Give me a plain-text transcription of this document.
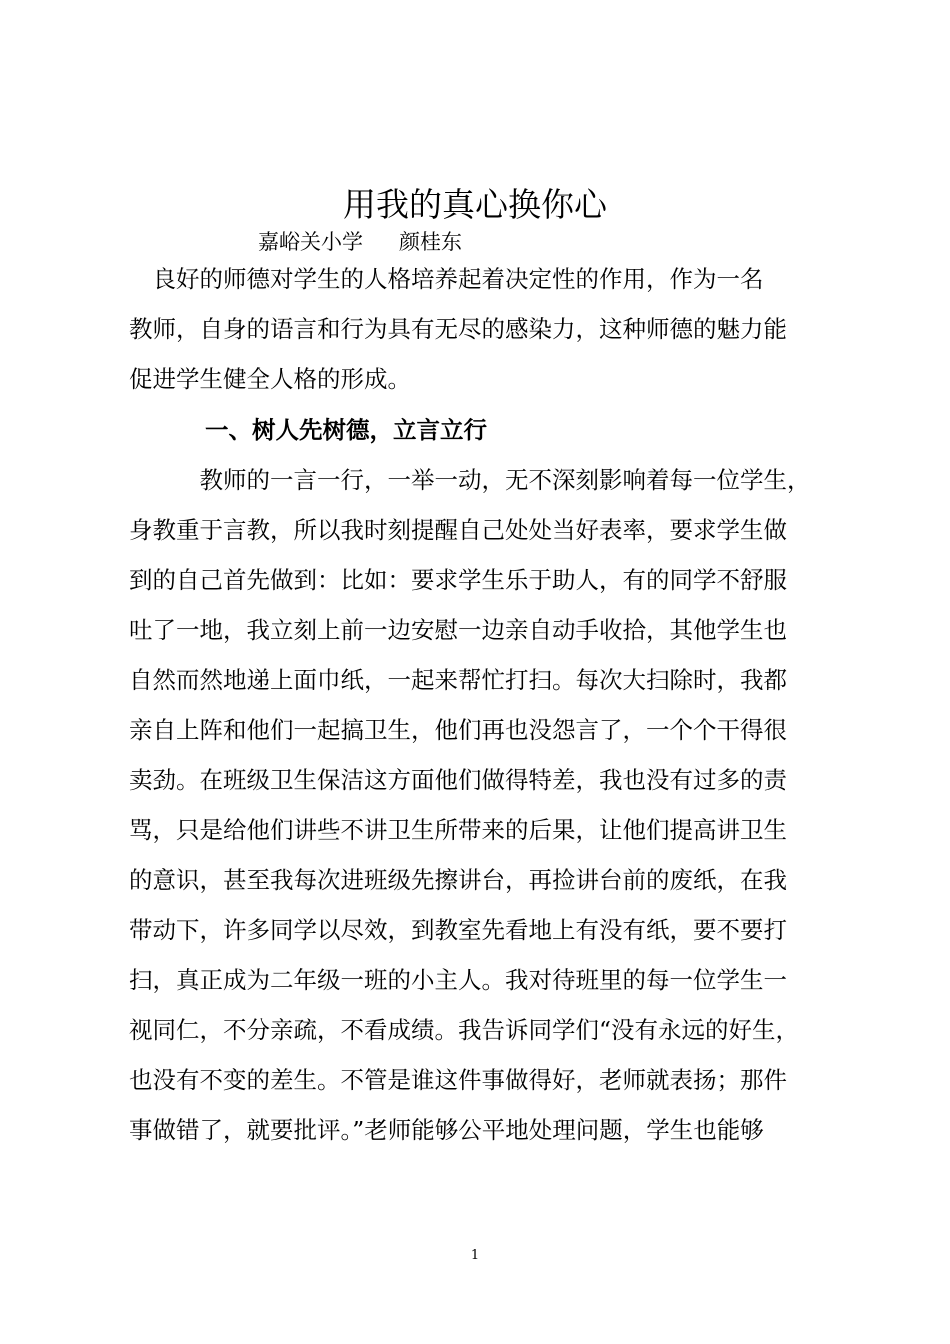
用我的真心换你心
嘉峪关小学 颜桂东
　良好的师德对学生的人格培养起着决定性的作用，作为一名
教师，自身的语言和行为具有无尽的感染力，这种师德的魅力能
促进学生健全人格的形成。
一、树人先树德，立言立行
　　　教师的一言一行，一举一动，无不深刻影响着每一位学生，
身教重于言教，所以我时刻提醒自己处处当好表率，要求学生做
到的自己首先做到：比如：要求学生乐于助人，有的同学不舒服
吐了一地，我立刻上前一边安慰一边亲自动手收拾，其他学生也
自然而然地递上面巾纸，一起来帮忙打扫。每次大扫除时，我都
亲自上阵和他们一起搞卫生，他们再也没怨言了，一个个干得很
卖劲。在班级卫生保洁这方面他们做得特差，我也没有过多的责
骂，只是给他们讲些不讲卫生所带来的后果，让他们提高讲卫生
的意识，甚至我每次进班级先擦讲台，再捡讲台前的废纸，在我
带动下，许多同学以尽效，到教室先看地上有没有纸，要不要打
扫，真正成为二年级一班的小主人。我对待班里的每一位学生一
视同仁，不分亲疏，不看成绩。我告诉同学们“没有永远的好生，
也没有不变的差生。不管是谁这件事做得好，老师就表扬；那件
事做错了，就要批评。”老师能够公平地处理问题，学生也能够
1
